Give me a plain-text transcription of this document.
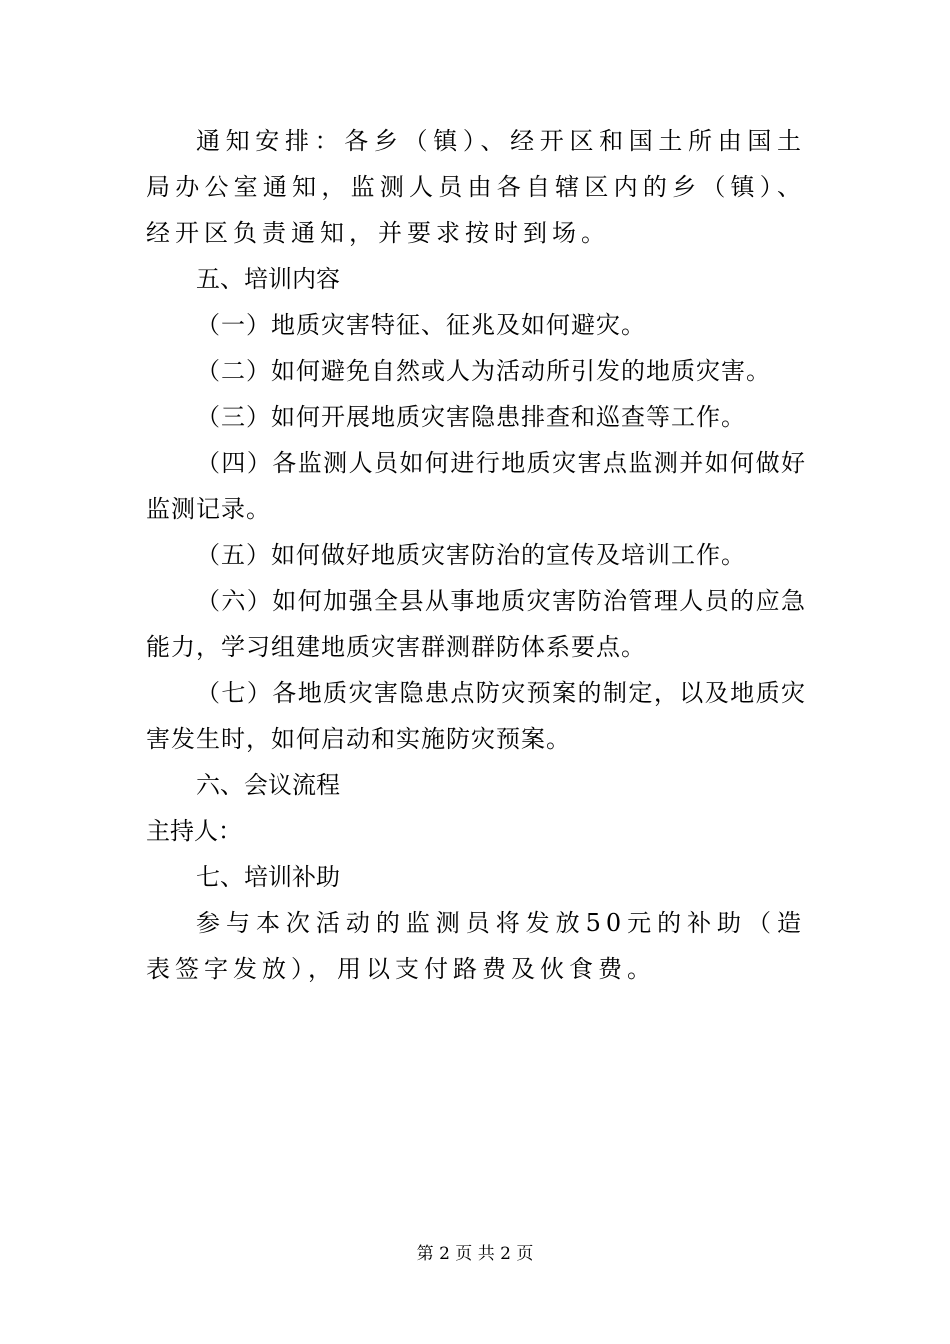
通知安排：各乡（镇）、经开区和国土所由国土局办公室通知，监测人员由各自辖区内的乡（镇）、经开区负责通知，并要求按时到场。

五、培训内容

（一）地质灾害特征、征兆及如何避灾。

（二）如何避免自然或人为活动所引发的地质灾害。

（三）如何开展地质灾害隐患排查和巡查等工作。

（四）各监测人员如何进行地质灾害点监测并如何做好监测记录。

（五）如何做好地质灾害防治的宣传及培训工作。

（六）如何加强全县从事地质灾害防治管理人员的应急能力，学习组建地质灾害群测群防体系要点。

（七）各地质灾害隐患点防灾预案的制定，以及地质灾害发生时，如何启动和实施防灾预案。

六、会议流程

主持人：

七、培训补助

参与本次活动的监测员将发放50元的补助（造表签字发放），用以支付路费及伙食费。

第 2 页 共 2 页
